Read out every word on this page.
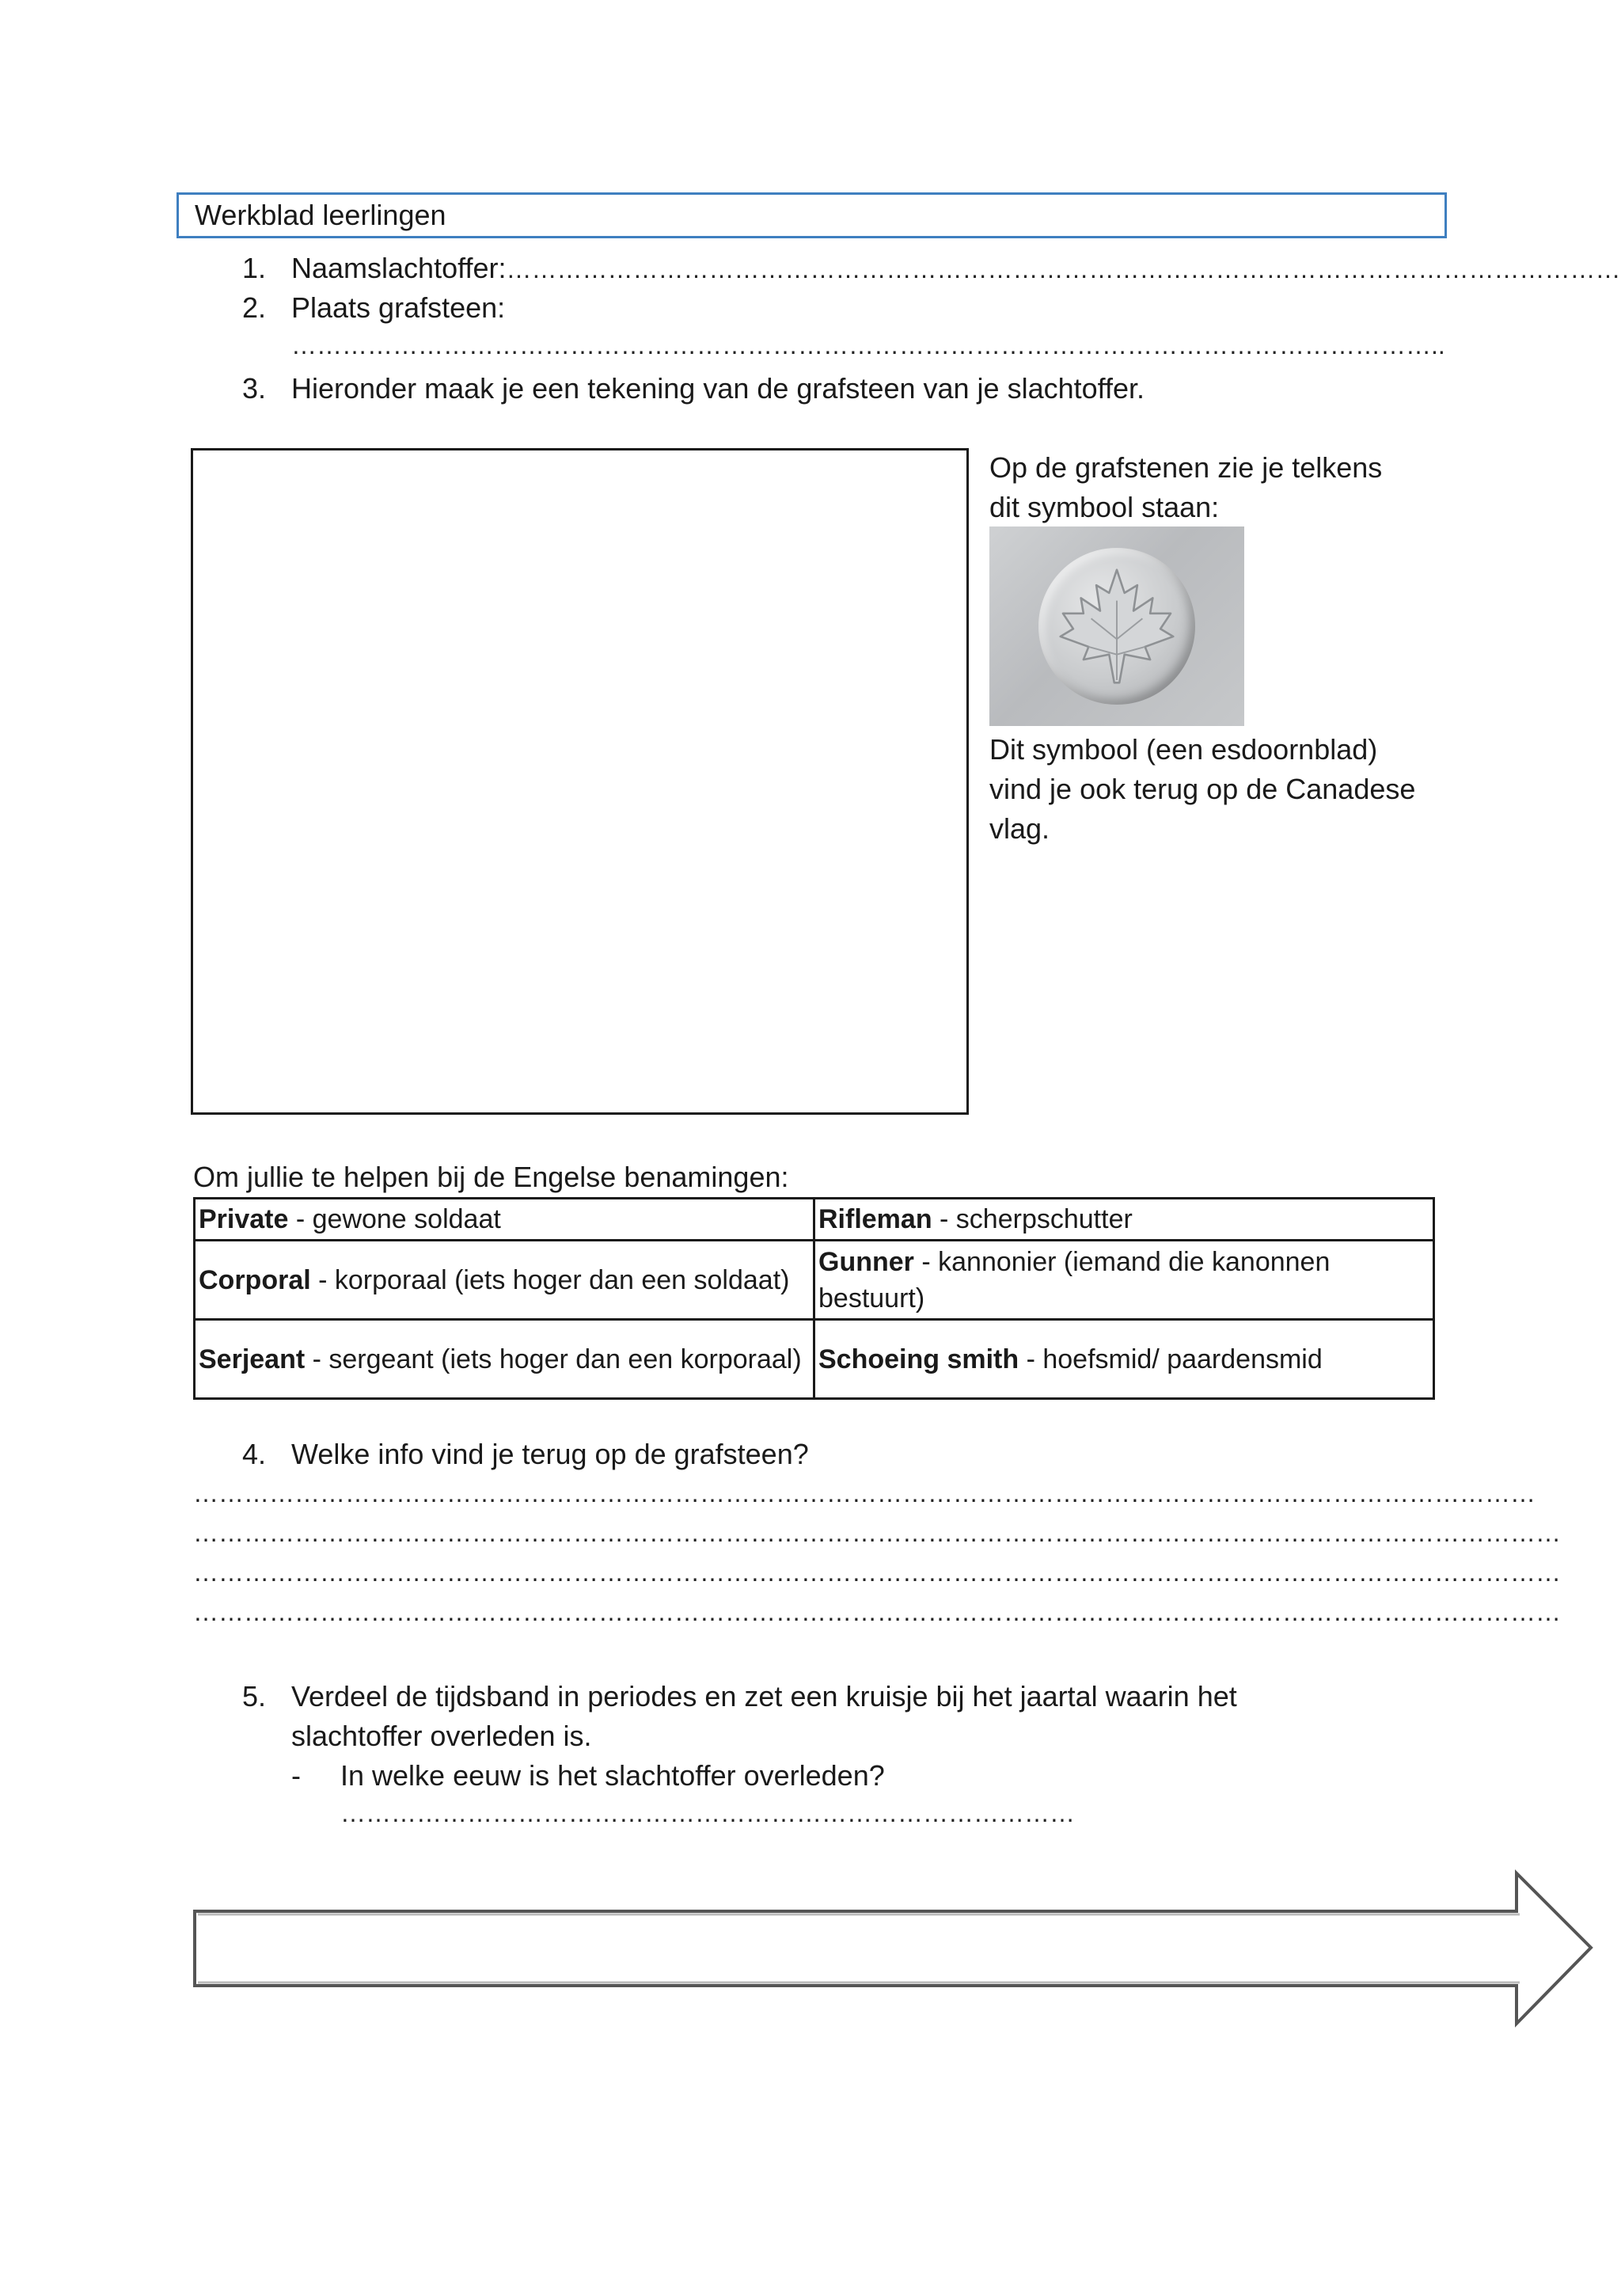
Werkblad leerlingen
1. Naamslachtoffer:……………………………………………………………………………………………………………………
2. Plaats grafsteen:
………………………………………………………………………………………………………………………..
3. Hieronder maak je een tekening van de grafsteen van je slachtoffer.
Op de grafstenen zie je telkens
dit symbool staan:
Dit symbool (een esdoornblad)
vind je ook terug op de Canadese
vlag.
Om jullie te helpen bij de Engelse benamingen:
Private - gewone soldaat	Rifleman - scherpschutter
Corporal - korporaal (iets hoger dan een soldaat)	Gunner - kannonier (iemand die kanonnen bestuurt)
Serjeant - sergeant (iets hoger dan een korporaal)	Schoeing smith - hoefsmid/ paardensmid
4. Welke info vind je terug op de grafsteen?
……………………………………………………………………………………………………………………………………………
………………………………………………………………………………………………………………………………………………
………………………………………………………………………………………………………………………………………………
………………………………………………………………………………………………………………………………………………
5. Verdeel de tijdsband in periodes en zet een kruisje bij het jaartal waarin het
slachtoffer overleden is.
- In welke eeuw is het slachtoffer overleden?
……………………………………………………………………………
